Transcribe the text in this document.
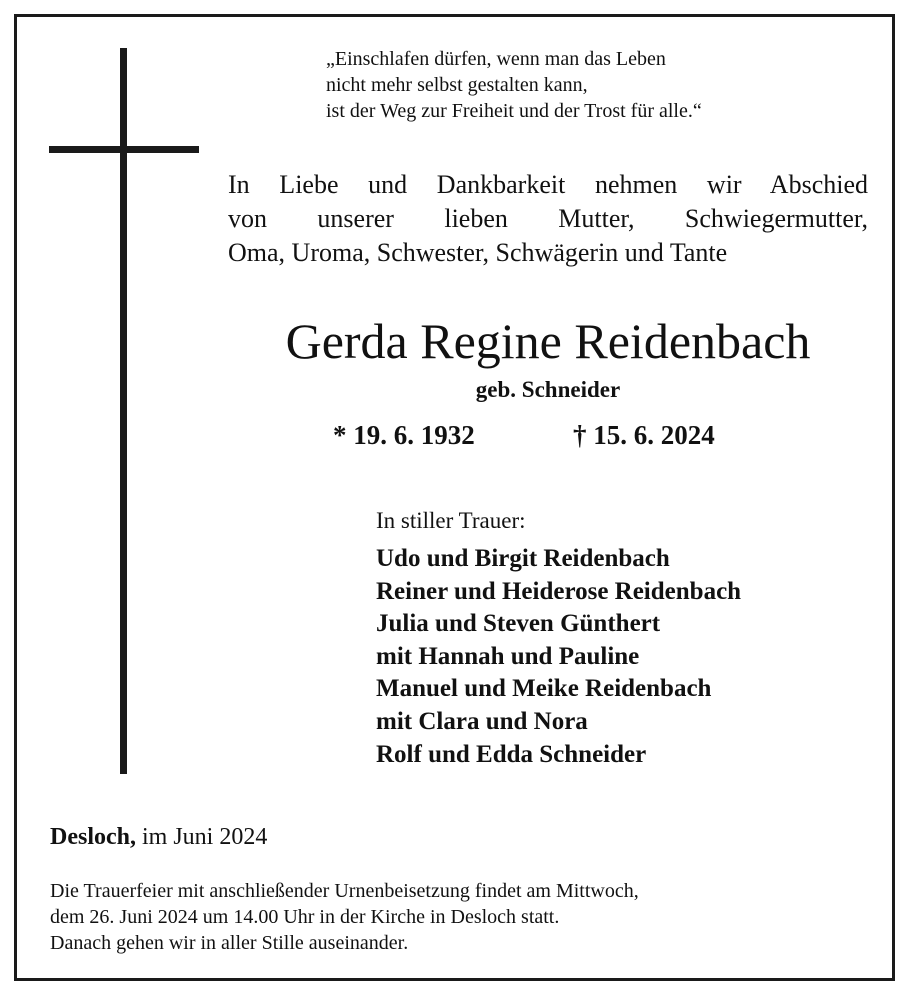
„Einschlafen dürfen, wenn man das Leben
nicht mehr selbst gestalten kann,
ist der Weg zur Freiheit und der Trost für alle.“
In Liebe und Dankbarkeit nehmen wir Abschied
von unserer lieben Mutter, Schwiegermutter,
Oma, Uroma, Schwester, Schwägerin und Tante
Gerda Regine Reidenbach
geb. Schneider
* 19. 6. 1932	† 15. 6. 2024
In stiller Trauer:
Udo und Birgit Reidenbach
Reiner und Heiderose Reidenbach
Julia und Steven Günthert
mit Hannah und Pauline
Manuel und Meike Reidenbach
mit Clara und Nora
Rolf und Edda Schneider
Desloch, im Juni 2024
Die Trauerfeier mit anschließender Urnenbeisetzung findet am Mittwoch,
dem 26. Juni 2024 um 14.00 Uhr in der Kirche in Desloch statt.
Danach gehen wir in aller Stille auseinander.
